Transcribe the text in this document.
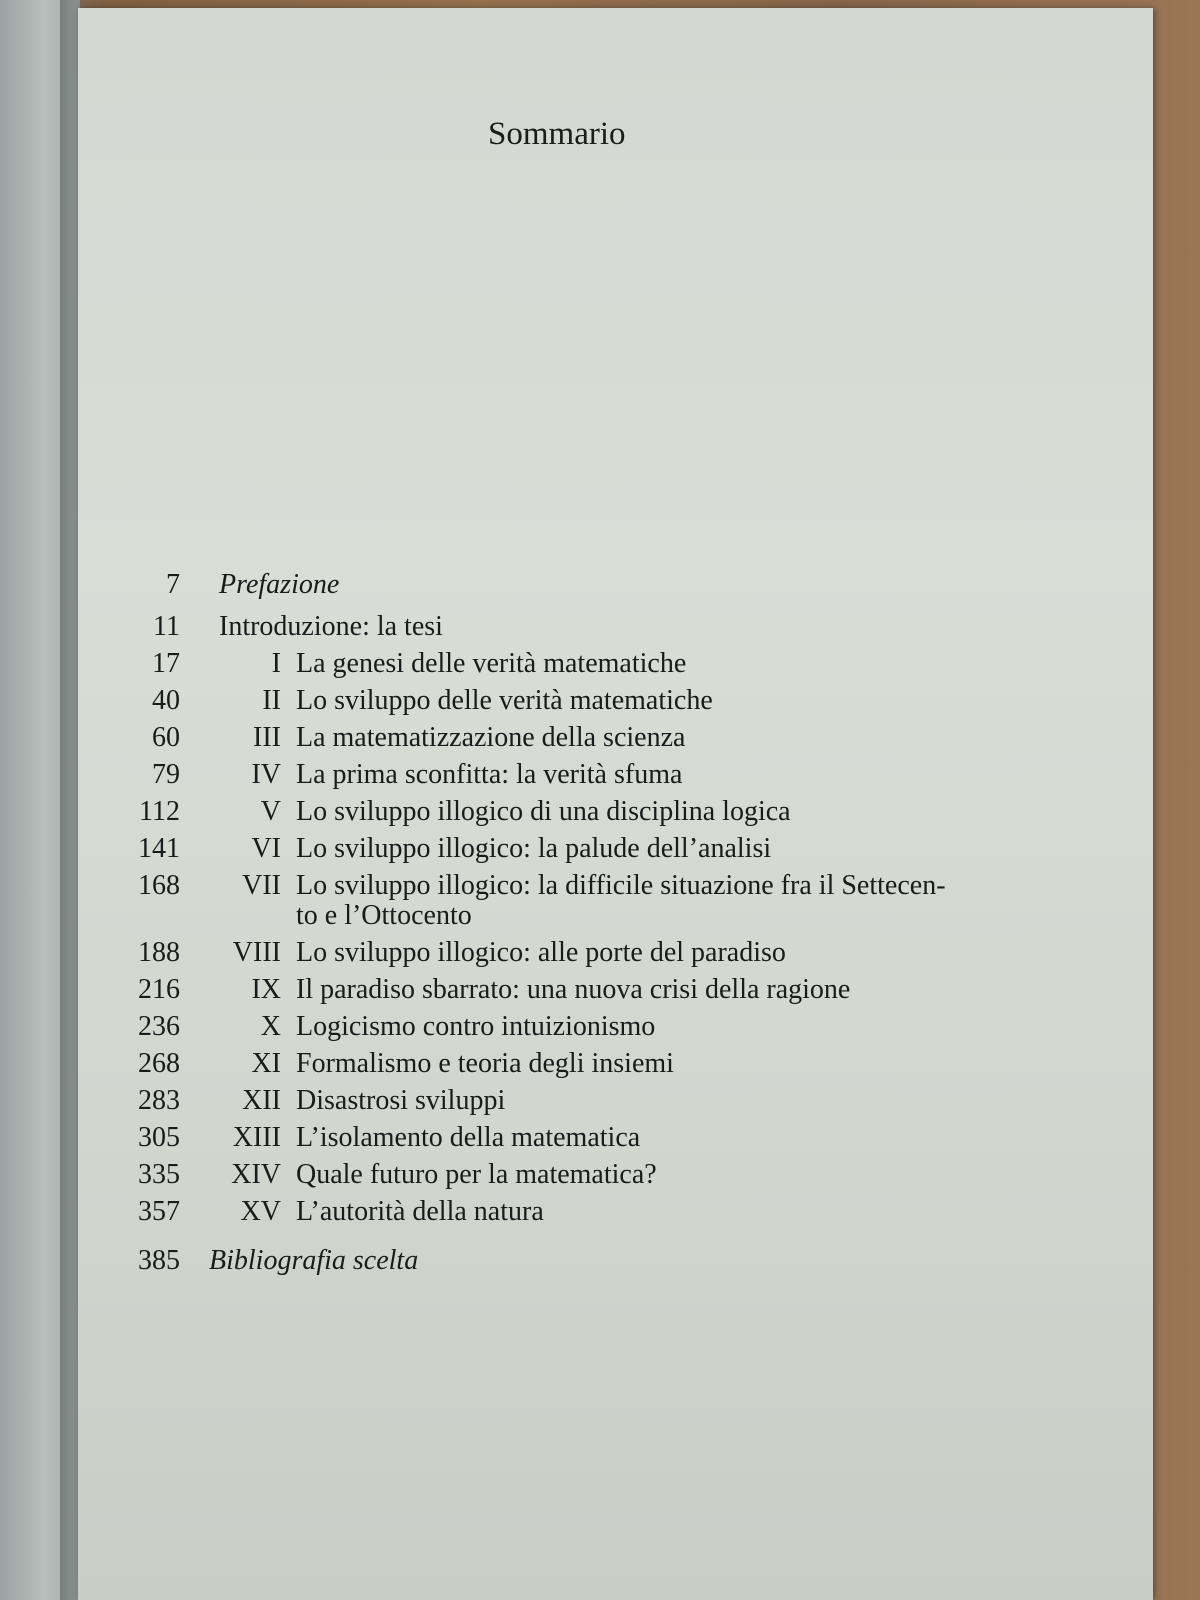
Sommario
7 Prefazione
11 Introduzione: la tesi
17	I La genesi delle verità matematiche
40	II Lo sviluppo delle verità matematiche
60	III La matematizzazione della scienza
79	IV La prima sconfitta: la verità sfuma
112	V Lo sviluppo illogico di una disciplina logica
141	VI Lo sviluppo illogico: la palude dell’analisi
168	VII Lo sviluppo illogico: la difficile situazione fra il Settecen-
to e l’Ottocento
188	VIII Lo sviluppo illogico: alle porte del paradiso
216	IX Il paradiso sbarrato: una nuova crisi della ragione
236	X Logicismo contro intuizionismo
268	XI Formalismo e teoria degli insiemi
283	XII Disastrosi sviluppi
305	XIII L’isolamento della matematica
335	XIV Quale futuro per la matematica?
357	XV L’autorità della natura
385 Bibliografia scelta
